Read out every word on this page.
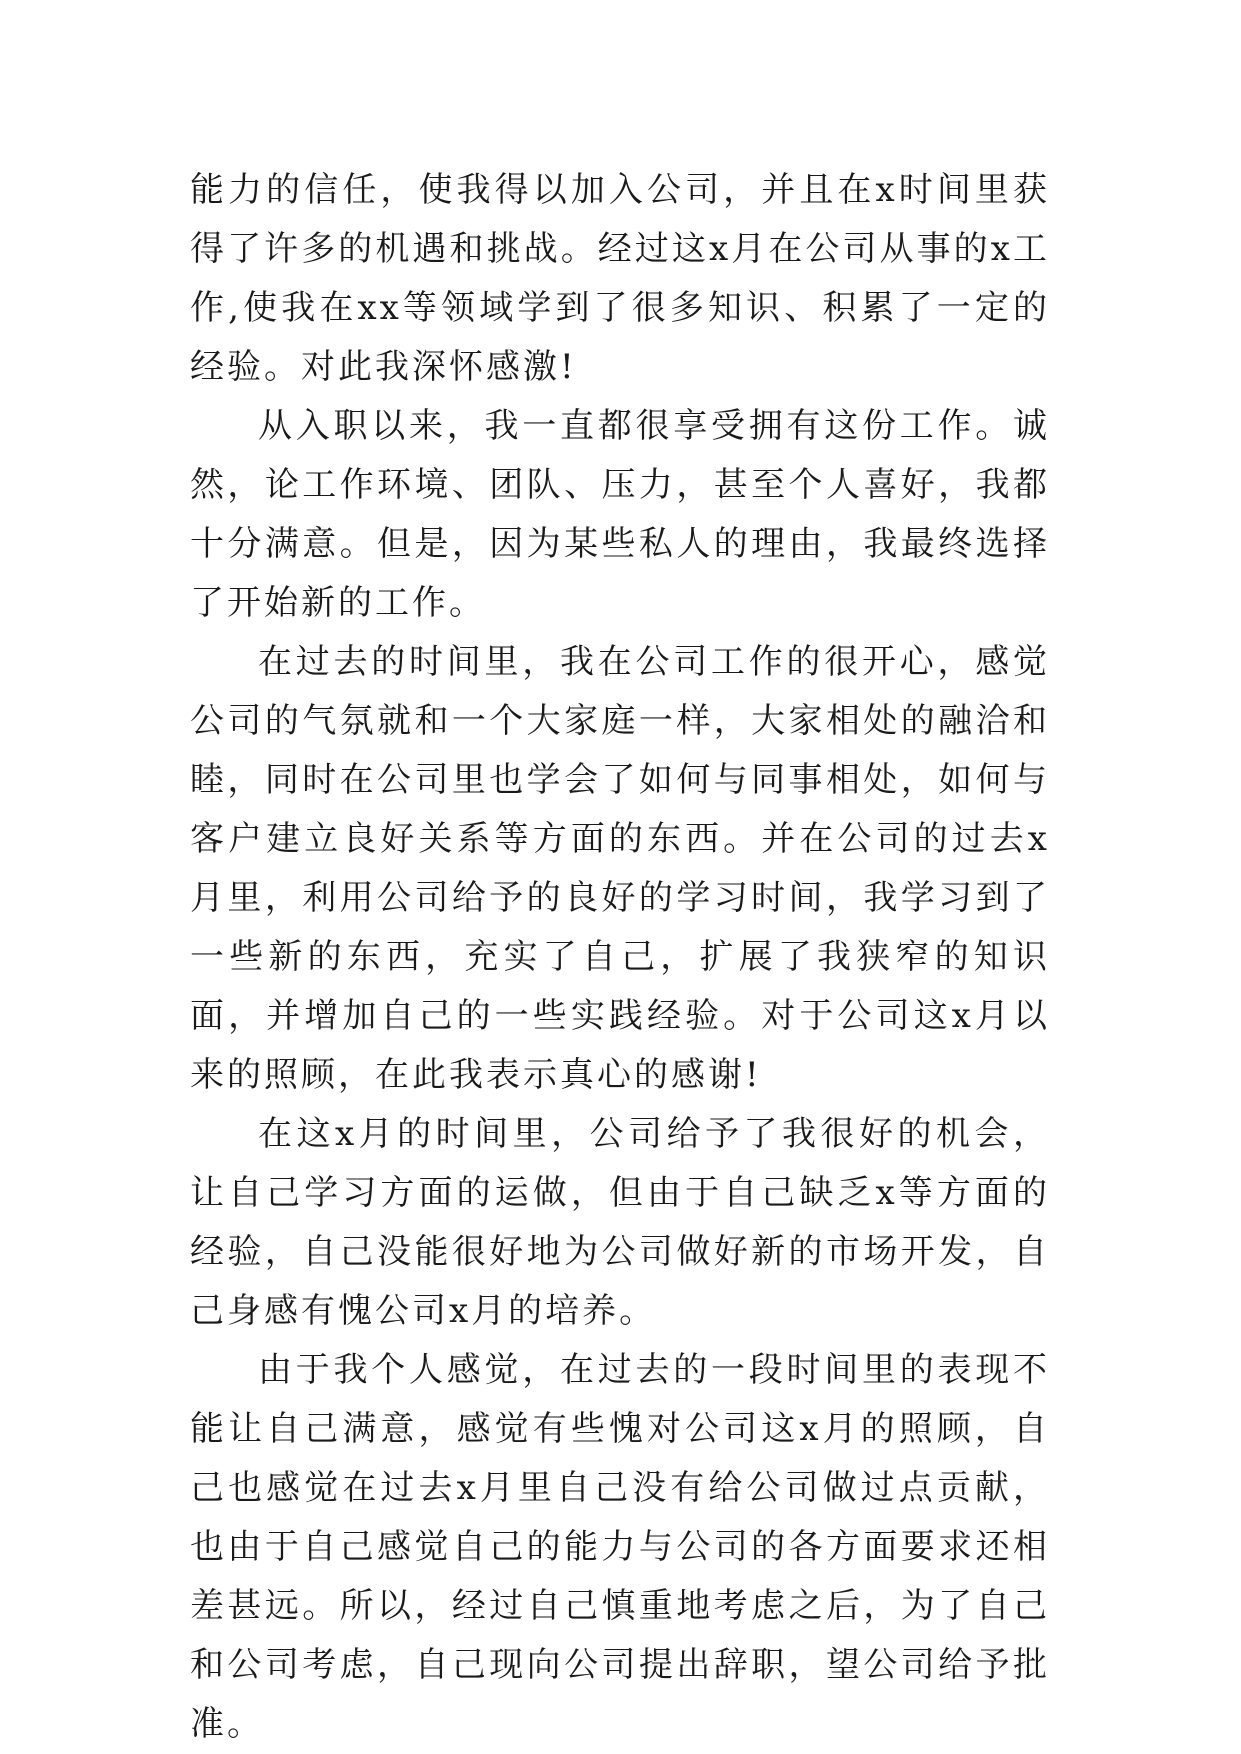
能力的信任，使我得以加入公司，并且在x时间里获得了许多的机遇和挑战。经过这x月在公司从事的x工作,使我在xx等领域学到了很多知识、积累了一定的经验。对此我深怀感激!

从入职以来，我一直都很享受拥有这份工作。诚然，论工作环境、团队、压力，甚至个人喜好，我都十分满意。但是，因为某些私人的理由，我最终选择了开始新的工作。

在过去的时间里，我在公司工作的很开心，感觉公司的气氛就和一个大家庭一样，大家相处的融洽和睦，同时在公司里也学会了如何与同事相处，如何与客户建立良好关系等方面的东西。并在公司的过去x月里，利用公司给予的良好的学习时间，我学习到了一些新的东西，充实了自己，扩展了我狭窄的知识面，并增加自己的一些实践经验。对于公司这x月以来的照顾，在此我表示真心的感谢!

在这x月的时间里，公司给予了我很好的机会，让自己学习方面的运做，但由于自己缺乏x等方面的经验，自己没能很好地为公司做好新的市场开发，自己身感有愧公司x月的培养。

由于我个人感觉，在过去的一段时间里的表现不能让自己满意，感觉有些愧对公司这x月的照顾，自己也感觉在过去x月里自己没有给公司做过点贡献，也由于自己感觉自己的能力与公司的各方面要求还相差甚远。所以，经过自己慎重地考虑之后，为了自己和公司考虑，自己现向公司提出辞职，望公司给予批准。
